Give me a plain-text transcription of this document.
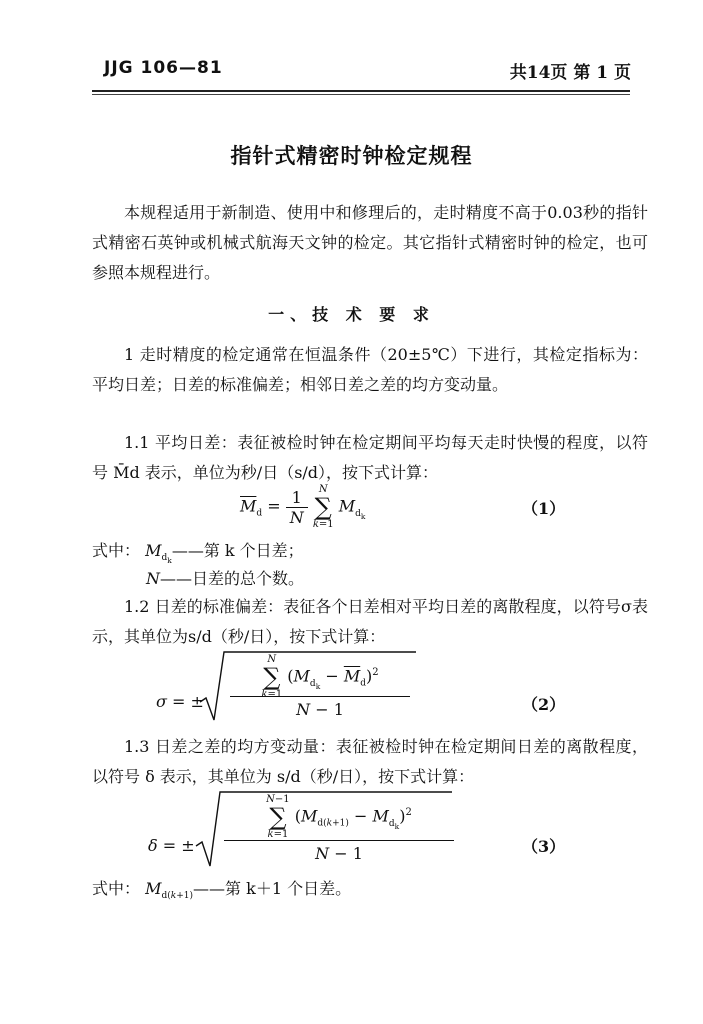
JJG 106—81	共14页 第 1 页
指针式精密时钟检定规程
本规程适用于新制造、使用中和修理后的，走时精度不高于0.03秒的指针式精密石英钟或机械式航海天文钟的检定。其它指针式精密时钟的检定，也可参照本规程进行。
一、技 术 要 求
1 走时精度的检定通常在恒温条件（20±5℃）下进行，其检定指标为：平均日差；日差的标准偏差；相邻日差之差的均方变动量。
1.1 平均日差：表征被检时钟在检定期间平均每天走时快慢的程度，以符号 M̄d 表示，单位为秒/日（s/d），按下式计算：
$\overline{M}_d = \frac{1}{N}$ N
∑
k=1 $M_{d_k}$	（1）
式中： $M_{d_k}——$第 k 个日差；
N——日差的总个数。
1.2 日差的标准偏差：表征各个日差相对平均日差的离散程度，以符号σ表示，其单位为s/d（秒/日），按下式计算：
σ = ±
N
∑
k=1 $(M_{d_k} - \overline{M}_d)^2$
N − 1	（2）
1.3 日差之差的均方变动量：表征被检时钟在检定期间日差的离散程度，以符号 δ 表示，其单位为 s/d（秒/日），按下式计算：
δ = ±
N−1
∑
k=1 $(M_{d(k+1)} - M_{d_k})^2$
N − 1	（3）
式中： $M_{d(k+1)}——$第 k＋1 个日差。
